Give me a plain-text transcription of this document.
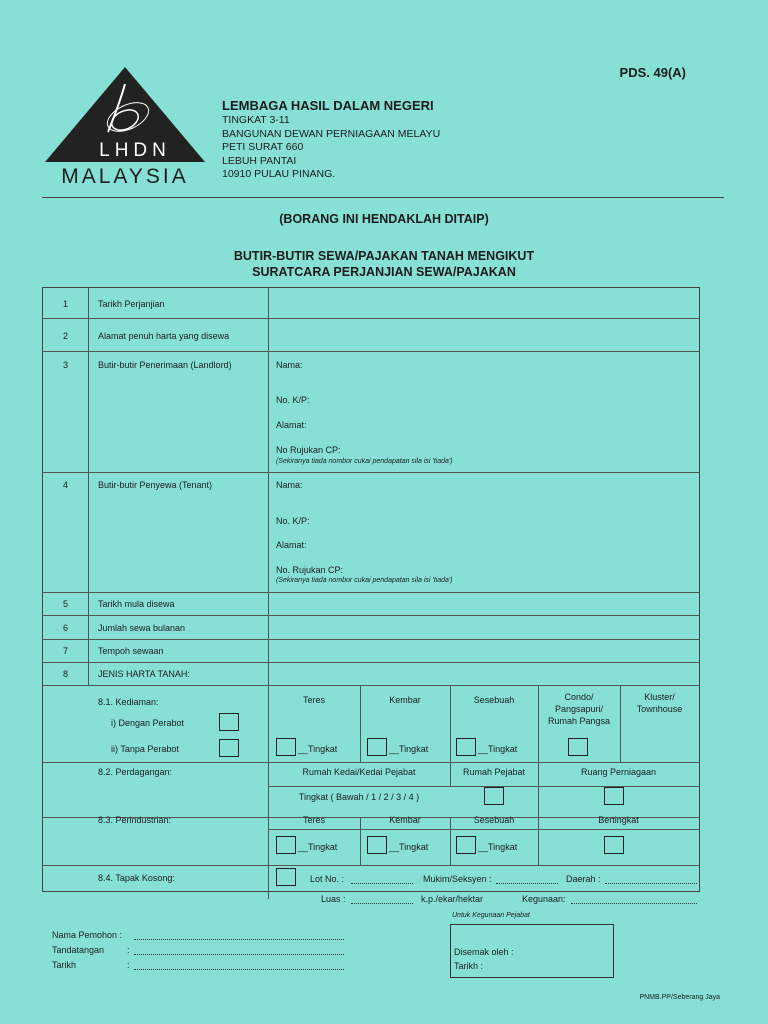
PDS. 49(A)
LHDN
MALAYSIA
LEMBAGA HASIL DALAM NEGERI
TINGKAT 3-11
BANGUNAN DEWAN PERNIAGAAN MELAYU
PETI SURAT 660
LEBUH PANTAI
10910 PULAU PINANG.
(BORANG INI HENDAKLAH DITAIP)
BUTIR-BUTIR SEWA/PAJAKAN TANAH MENGIKUT
SURATCARA PERJANJIAN SEWA/PAJAKAN
1	Tarikh Perjanjian
2	Alamat penuh harta yang disewa
3	Butir-butir Penerimaan (Landlord)	Nama:
No. K/P:
Alamat:
No Rujukan CP:
(Sekiranya tiada nombor cukai pendapatan sila isi 'tiada')
4	Butir-butir Penyewa (Tenant)	Nama:
No. K/P:
Alamat:
No. Rujukan CP:
(Sekiranya tiada nombor cukai pendapatan sila isi 'tiada')
5	Tarikh mula disewa
6	Jumlah sewa bulanan
7	Tempoh sewaan
8	JENIS HARTA TANAH:
8.1. Kediaman:
i) Dengan Perabot
ii) Tanpa Perabot
Teres	Kembar	Sesebuah	Condo/
Pangsapuri/
Rumah Pangsa
Kluster/
Townhouse
__Tingkat	__Tingkat	__Tingkat
8.2. Perdagangan:	Rumah Kedai/Kedai Pejabat	Rumah Pejabat	Ruang Perniagaan
Tingkat ( Bawah / 1 / 2 / 3 / 4 )
8.3. Perindustrian:	Teres	Kembar	Sesebuah	Bertingkat
__Tingkat	__Tingkat	__Tingkat
8.4. Tapak Kosong:	Lot No. :	Mukim/Seksyen :	Daerah :
Luas :	k.p./ekar/hektar	Kegunaan:
Nama Pemohon :
Tandatangan	:
Tarikh	:
Untuk Kegunaan Pejabat
Disemak oleh :
Tarikh :
PNMB.PP/Seberang Jaya
